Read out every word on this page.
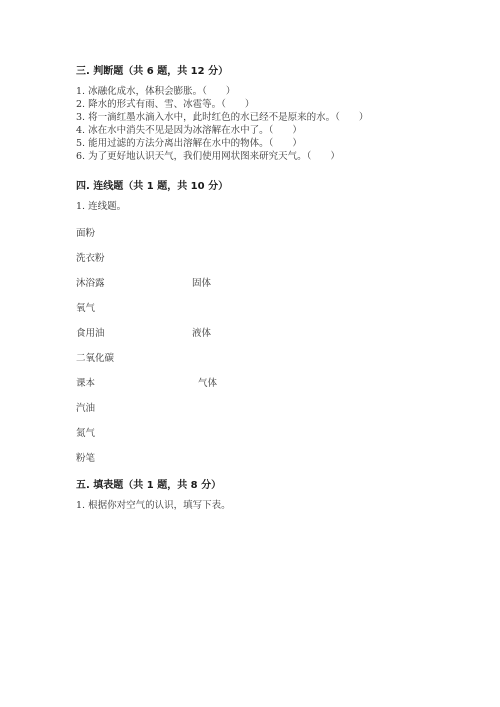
三. 判断题（共 6 题，共 12 分）
1. 冰融化成水，体积会膨胀。（　　）
2. 降水的形式有雨、雪、冰雹等。（　　）
3. 将一滴红墨水滴入水中，此时红色的水已经不是原来的水。（　　）
4. 冰在水中消失不见是因为冰溶解在水中了。（　　）
5. 能用过滤的方法分离出溶解在水中的物体。（　　）
6. 为了更好地认识天气，我们使用网状图来研究天气。（　　）
四. 连线题（共 1 题，共 10 分）
1. 连线题。
面粉
洗衣粉
沐浴露
氧气
食用油
二氧化碳
课本
汽油
氮气
粉笔
固体
液体
气体
五. 填表题（共 1 题，共 8 分）
1. 根据你对空气的认识，填写下表。
